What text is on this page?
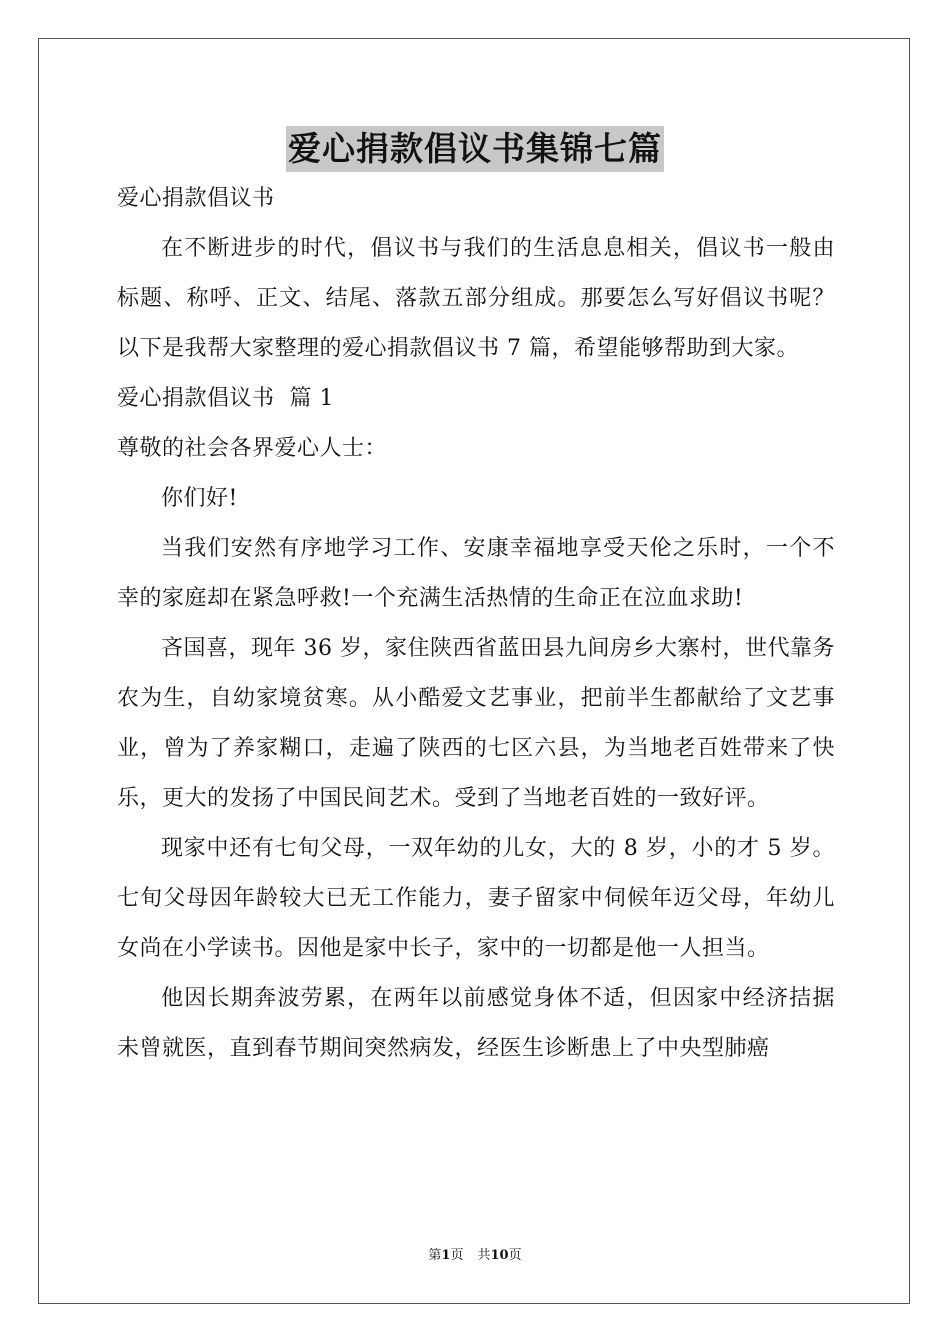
爱心捐款倡议书集锦七篇

爱心捐款倡议书

在不断进步的时代，倡议书与我们的生活息息相关，倡议书一般由标题、称呼、正文、结尾、落款五部分组成。那要怎么写好倡议书呢？以下是我帮大家整理的爱心捐款倡议书 7 篇，希望能够帮助到大家。

爱心捐款倡议书  篇 1

尊敬的社会各界爱心人士：

你们好!

当我们安然有序地学习工作、安康幸福地享受天伦之乐时，一个不幸的家庭却在紧急呼救!一个充满生活热情的生命正在泣血求助!

吝国喜，现年 36 岁，家住陕西省蓝田县九间房乡大寨村，世代靠务农为生，自幼家境贫寒。从小酷爱文艺事业，把前半生都献给了文艺事业，曾为了养家糊口，走遍了陕西的七区六县，为当地老百姓带来了快乐，更大的发扬了中国民间艺术。受到了当地老百姓的一致好评。

现家中还有七旬父母，一双年幼的儿女，大的 8 岁，小的才 5 岁。七旬父母因年龄较大已无工作能力，妻子留家中伺候年迈父母，年幼儿女尚在小学读书。因他是家中长子，家中的一切都是他一人担当。

他因长期奔波劳累，在两年以前感觉身体不适，但因家中经济拮据未曾就医，直到春节期间突然病发，经医生诊断患上了中央型肺癌

第1页 共10页
